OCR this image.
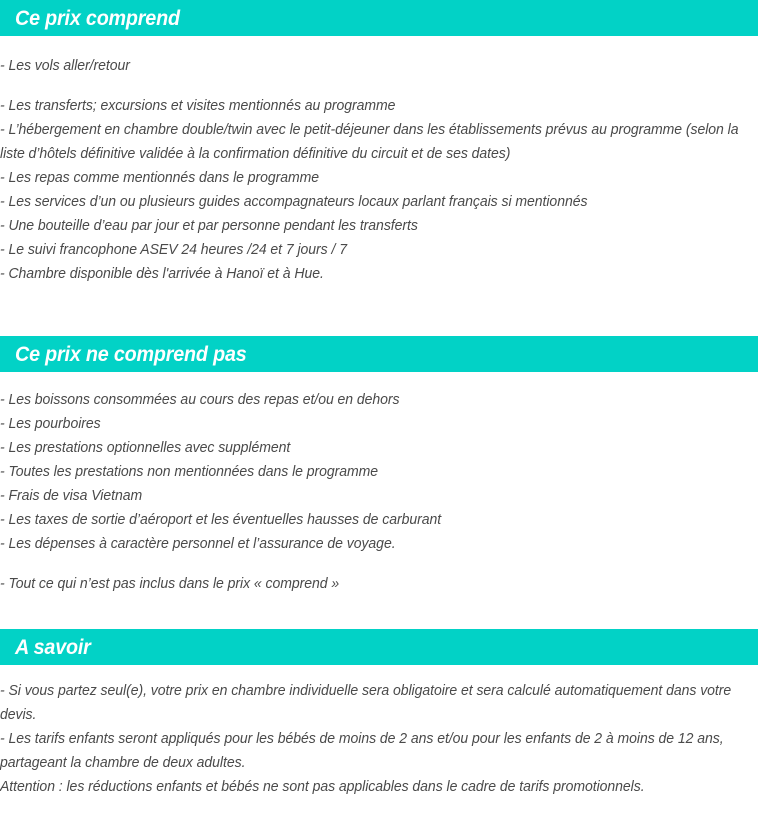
Ce prix comprend

- Les vols aller/retour

- Les transferts; excursions et visites mentionnés au programme

- L’hébergement en chambre double/twin avec le petit-déjeuner dans les établissements prévus au programme (selon la liste d’hôtels définitive validée à la confirmation définitive du circuit et de ses dates)

- Les repas comme mentionnés dans le programme

- Les services d’un ou plusieurs guides accompagnateurs locaux parlant français si mentionnés

- Une bouteille d’eau par jour et par personne pendant les transferts

- Le suivi francophone ASEV 24 heures /24 et 7 jours / 7

- Chambre disponible dès l'arrivée à Hanoï et à Hue.

Ce prix ne comprend pas

- Les boissons consommées au cours des repas et/ou en dehors

- Les pourboires

- Les prestations optionnelles avec supplément

- Toutes les prestations non mentionnées dans le programme

- Frais de visa Vietnam

- Les taxes de sortie d’aéroport et les éventuelles hausses de carburant

- Les dépenses à caractère personnel et l’assurance de voyage.

- Tout ce qui n’est pas inclus dans le prix « comprend »

A savoir

- Si vous partez seul(e), votre prix en chambre individuelle sera obligatoire et sera calculé automatiquement dans votre devis.

- Les tarifs enfants seront appliqués pour les bébés de moins de 2 ans et/ou pour les enfants de 2 à moins de 12 ans, partageant la chambre de deux adultes.

Attention : les réductions enfants et bébés ne sont pas applicables dans le cadre de tarifs promotionnels.
